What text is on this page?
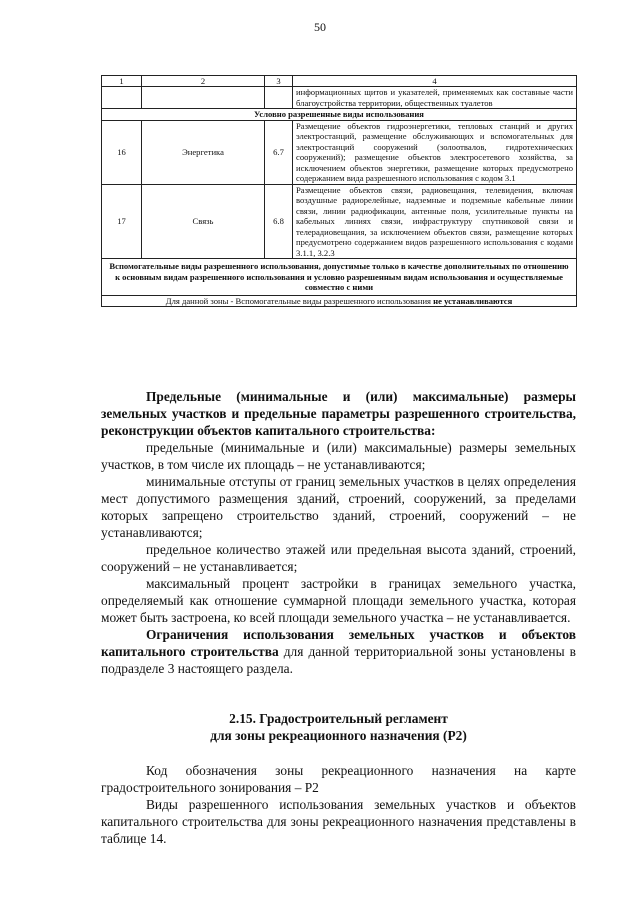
50
1	2	3	4
			информационных щитов и указателей, применяемых как составные части благоустройства территории, общественных туалетов
Условно разрешенные виды использования			
16	Энергетика	6.7	Размещение объектов гидроэнергетики, тепловых станций и других электростанций, размещение обслуживающих и вспомогательных для электростанций сооружений (золоотвалов, гидротехнических сооружений); размещение объектов электросетевого хозяйства, за исключением объектов энергетики, размещение которых предусмотрено содержанием вида разрешенного использования с кодом 3.1
17	Связь	6.8	Размещение объектов связи, радиовещания, телевидения, включая воздушные радиорелейные, надземные и подземные кабельные линии связи, линии радиофикации, антенные поля, усилительные пункты на кабельных линиях связи, инфраструктуру спутниковой связи и телерадиовещания, за исключением объектов связи, размещение которых предусмотрено содержанием видов разрешенного использования с кодами 3.1.1, 3.2.3
Вспомогательные виды разрешенного использования, допустимые только в качестве дополнительных по отношению к основным видам разрешенного использования и условно разрешенным видам использования и осуществляемые совместно с ними			
Для данной зоны - Вспомогательные виды разрешенного использования не устанавливаются			

Предельные (минимальные и (или) максимальные) размеры земельных участков и предельные параметры разрешенного строительства, реконструкции объектов капитального строительства:

предельные (минимальные и (или) максимальные) размеры земельных участков, в том числе их площадь – не устанавливаются;

минимальные отступы от границ земельных участков в целях определения мест допустимого размещения зданий, строений, сооружений, за пределами которых запрещено строительство зданий, строений, сооружений – не устанавливаются;

предельное количество этажей или предельная высота зданий, строений, сооружений – не устанавливается;

максимальный процент застройки в границах земельного участка, определяемый как отношение суммарной площади земельного участка, которая может быть застроена, ко всей площади земельного участка – не устанавливается.

Ограничения использования земельных участков и объектов капитального строительства для данной территориальной зоны установлены в подразделе 3 настоящего раздела.

2.15. Градостроительный регламент
для зоны рекреационного назначения (Р2)

Код обозначения зоны рекреационного назначения на карте градостроительного зонирования – Р2

Виды разрешенного использования земельных участков и объектов капитального строительства для зоны рекреационного назначения представлены в таблице 14.
